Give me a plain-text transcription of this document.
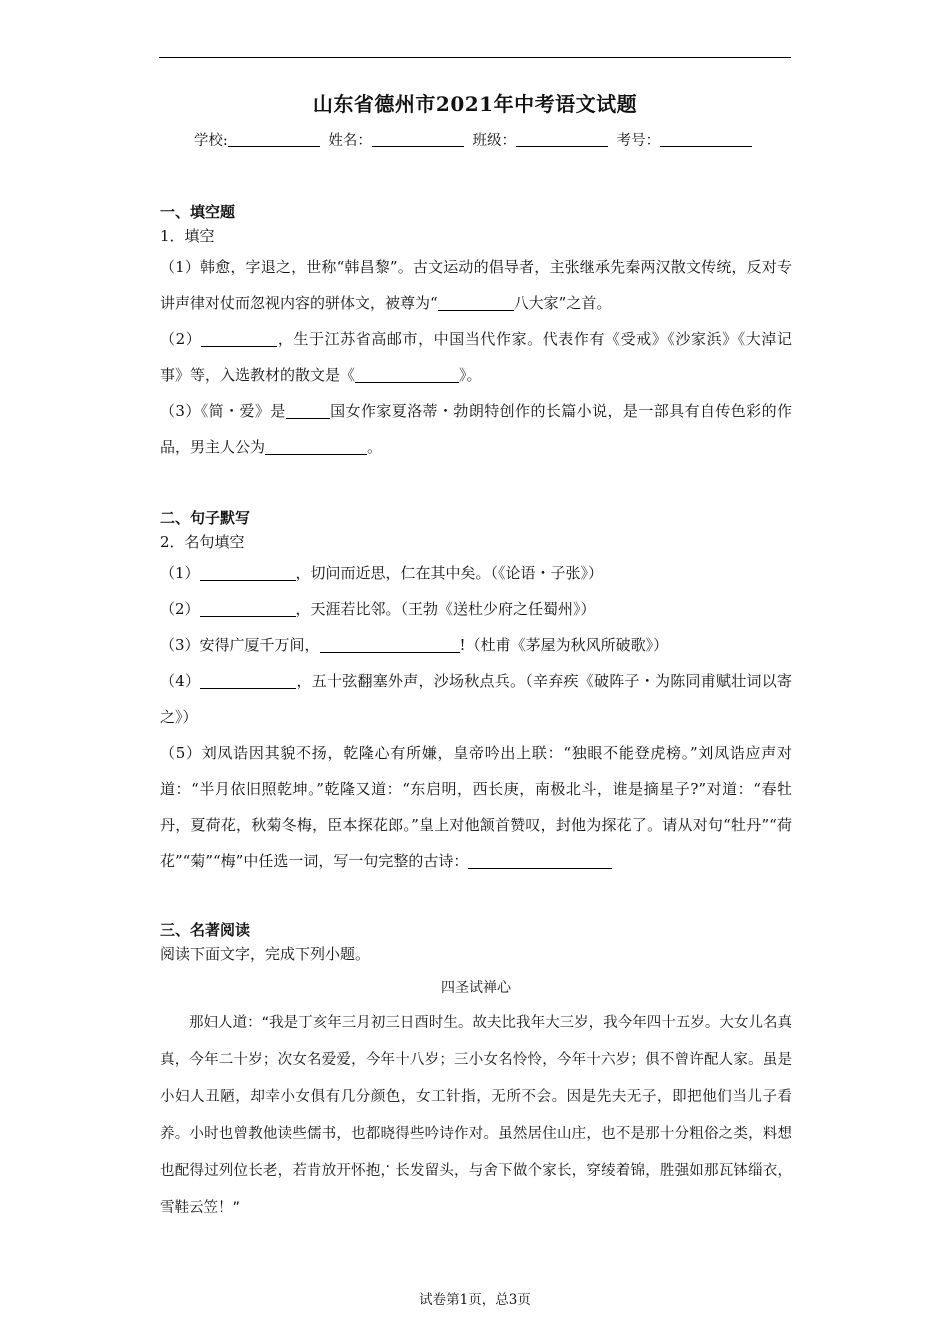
山东省德州市2021年中考语文试题
学校:	姓名：	班级：	考号：
一、填空题
1．填空
（1）韩愈，字退之，世称“韩昌黎”。古文运动的倡导者，主张继承先秦两汉散文传统，反对专讲声律对仗而忽视内容的骈体文，被尊为“	八大家”之首。
（2）	，生于江苏省高邮市，中国当代作家。代表作有《受戒》《沙家浜》《大淖记事》等，入选教材的散文是《	》。
（3）《简・爱》是	国女作家夏洛蒂・勃朗特创作的长篇小说，是一部具有自传色彩的作品，男主人公为	。
二、句子默写
2．名句填空
（1）	，切问而近思，仁在其中矣。（《论语・子张》）
（2）	，天涯若比邻。（王勃《送杜少府之任蜀州》）
（3）安得广厦千万间，	!（杜甫《茅屋为秋风所破歌》）
（4）	，五十弦翻塞外声，沙场秋点兵。（辛弃疾《破阵子・为陈同甫赋壮词以寄之》）
（5）刘凤诰因其貌不扬，乾隆心有所嫌，皇帝吟出上联：“独眼不能登虎榜。”刘凤诰应声对道：“半月依旧照乾坤。”乾隆又道：“东启明，西长庚，南极北斗，谁是摘星子?”对道：“春牡丹，夏荷花，秋菊冬梅，臣本探花郎。”皇上对他颔首赞叹，封他为探花了。请从对句“牡丹”“荷花”“菊”“梅”中任选一词，写一句完整的古诗：
三、名著阅读
阅读下面文字，完成下列小题。
四圣试禅心
那妇人道：“我是丁亥年三月初三日酉时生。故夫比我年大三岁，我今年四十五岁。大女儿名真真，今年二十岁；次女名爱爱，今年十八岁；三小女名怜怜，今年十六岁；俱不曾许配人家。虽是小妇人丑陋，却幸小女俱有几分· 颜色，女工针指，无所不会。因是先夫无子，即把他们当儿子看养。小时也曾教他读些儒书，也都晓得些吟诗作对。虽然居住山庄，也不是那十分粗俗之类，料想也配得过列位长老，若肯放开· 怀· 抱，长发留头，与舍下做个家长，穿· 绫着锦，胜强如那瓦钵缁衣，雪鞋云笠！”
试卷第1页，总3页
